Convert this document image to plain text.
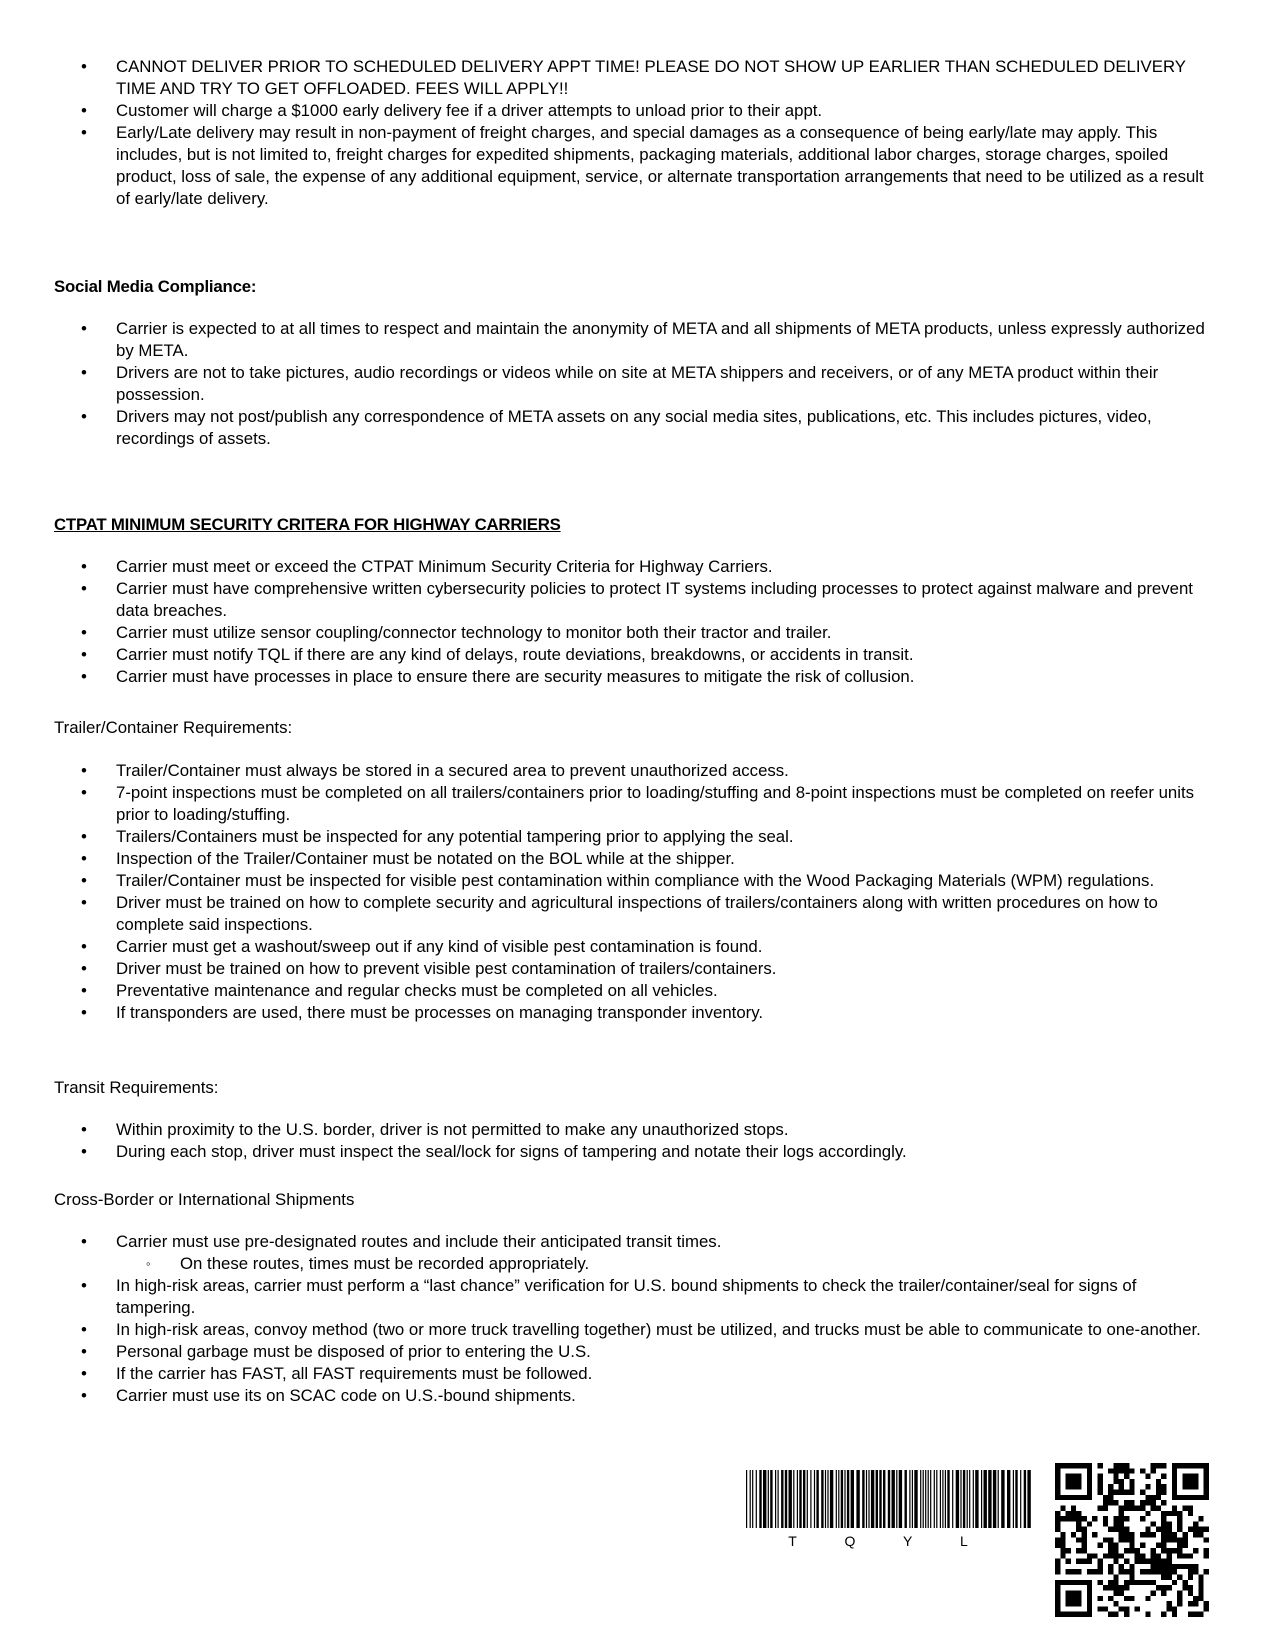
• CANNOT DELIVER PRIOR TO SCHEDULED DELIVERY APPT TIME! PLEASE DO NOT SHOW UP EARLIER THAN SCHEDULED DELIVERY TIME AND TRY TO GET OFFLOADED. FEES WILL APPLY!!
• Customer will charge a $1000 early delivery fee if a driver attempts to unload prior to their appt.
• Early/Late delivery may result in non-payment of freight charges, and special damages as a consequence of being early/late may apply. This includes, but is not limited to, freight charges for expedited shipments, packaging materials, additional labor charges, storage charges, spoiled product, loss of sale, the expense of any additional equipment, service, or alternate transportation arrangements that need to be utilized as a result of early/late delivery.
Social Media Compliance:
• Carrier is expected to at all times to respect and maintain the anonymity of META and all shipments of META products, unless expressly authorized by META.
• Drivers are not to take pictures, audio recordings or videos while on site at META shippers and receivers, or of any META product within their possession.
• Drivers may not post/publish any correspondence of META assets on any social media sites, publications, etc. This includes pictures, video, recordings of assets.
CTPAT MINIMUM SECURITY CRITERA FOR HIGHWAY CARRIERS
• Carrier must meet or exceed the CTPAT Minimum Security Criteria for Highway Carriers.
• Carrier must have comprehensive written cybersecurity policies to protect IT systems including processes to protect against malware and prevent data breaches.
• Carrier must utilize sensor coupling/connector technology to monitor both their tractor and trailer.
• Carrier must notify TQL if there are any kind of delays, route deviations, breakdowns, or accidents in transit.
• Carrier must have processes in place to ensure there are security measures to mitigate the risk of collusion.
Trailer/Container Requirements:
• Trailer/Container must always be stored in a secured area to prevent unauthorized access.
• 7-point inspections must be completed on all trailers/containers prior to loading/stuffing and 8-point inspections must be completed on reefer units prior to loading/stuffing.
• Trailers/Containers must be inspected for any potential tampering prior to applying the seal.
• Inspection of the Trailer/Container must be notated on the BOL while at the shipper.
• Trailer/Container must be inspected for visible pest contamination within compliance with the Wood Packaging Materials (WPM) regulations.
• Driver must be trained on how to complete security and agricultural inspections of trailers/containers along with written procedures on how to complete said inspections.
• Carrier must get a washout/sweep out if any kind of visible pest contamination is found.
• Driver must be trained on how to prevent visible pest contamination of trailers/containers.
• Preventative maintenance and regular checks must be completed on all vehicles.
• If transponders are used, there must be processes on managing transponder inventory.
Transit Requirements:
• Within proximity to the U.S. border, driver is not permitted to make any unauthorized stops.
• During each stop, driver must inspect the seal/lock for signs of tampering and notate their logs accordingly.
Cross-Border or International Shipments
• Carrier must use pre-designated routes and include their anticipated transit times.
◦ On these routes, times must be recorded appropriately.
• In high-risk areas, carrier must perform a “last chance” verification for U.S. bound shipments to check the trailer/container/seal for signs of tampering.
• In high-risk areas, convoy method (two or more truck travelling together) must be utilized, and trucks must be able to communicate to one-another.
• Personal garbage must be disposed of prior to entering the U.S.
• If the carrier has FAST, all FAST requirements must be followed.
• Carrier must use its on SCAC code on U.S.-bound shipments.
T Q Y L
